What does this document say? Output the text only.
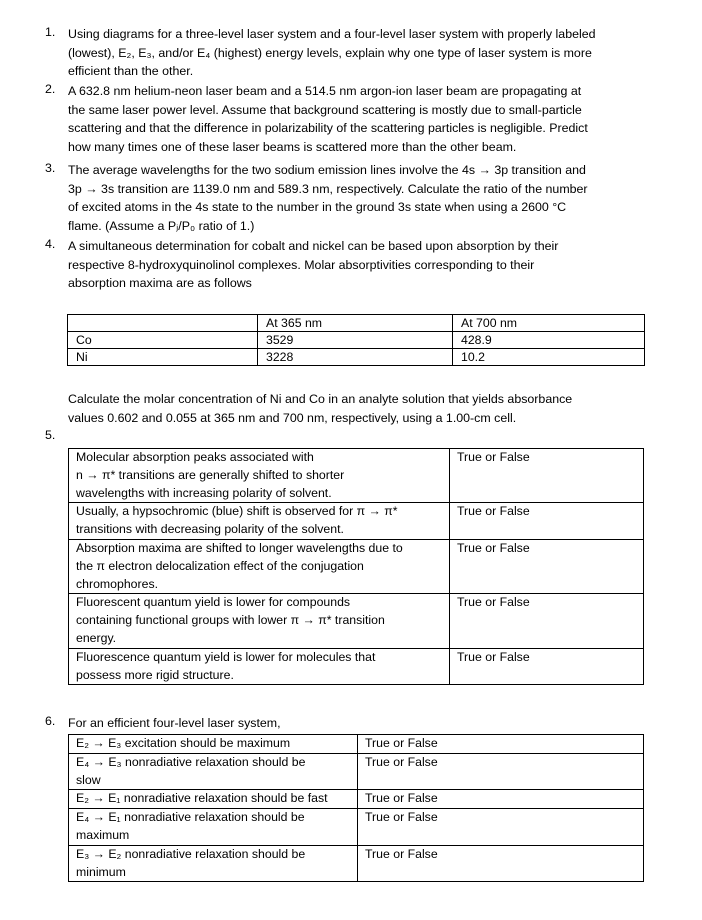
1. Using diagrams for a three-level laser system and a four-level laser system with properly labeled
(lowest), E₂, E₃, and/or E₄ (highest) energy levels, explain why one type of laser system is more
efficient than the other.
2. A 632.8 nm helium-neon laser beam and a 514.5 nm argon-ion laser beam are propagating at
the same laser power level. Assume that background scattering is mostly due to small-particle
scattering and that the difference in polarizability of the scattering particles is negligible. Predict
how many times one of these laser beams is scattered more than the other beam.
3. The average wavelengths for the two sodium emission lines involve the 4s → 3p transition and
3p → 3s transition are 1139.0 nm and 589.3 nm, respectively. Calculate the ratio of the number
of excited atoms in the 4s state to the number in the ground 3s state when using a 2600 °C
flame. (Assume a Pⱼ/P₀ ratio of 1.)
4. A simultaneous determination for cobalt and nickel can be based upon absorption by their
respective 8-hydroxyquinolinol complexes. Molar absorptivities corresponding to their
absorption maxima are as follows
	At 365 nm	At 700 nm
Co	3529	428.9
Ni	3228	10.2
Calculate the molar concentration of Ni and Co in an analyte solution that yields absorbance
values 0.602 and 0.055 at 365 nm and 700 nm, respectively, using a 1.00-cm cell.
5.
Molecular absorption peaks associated with
n → π* transitions are generally shifted to shorter
wavelengths with increasing polarity of solvent.	True or False

Usually, a hypsochromic (blue) shift is observed for π → π*
transitions with decreasing polarity of the solvent.	True or False

Absorption maxima are shifted to longer wavelengths due to
the π electron delocalization effect of the conjugation
chromophores.	True or False

Fluorescent quantum yield is lower for compounds
containing functional groups with lower π → π* transition
energy.	True or False

Fluorescence quantum yield is lower for molecules that
possess more rigid structure.	True or False
6. For an efficient four-level laser system,
E₂ → E₃ excitation should be maximum	True or False

E₄ → E₃ nonradiative relaxation should be
slow	True or False

E₂ → E₁ nonradiative relaxation should be fast	True or False

E₄ → E₁ nonradiative relaxation should be
maximum	True or False

E₃ → E₂ nonradiative relaxation should be
minimum	True or False
